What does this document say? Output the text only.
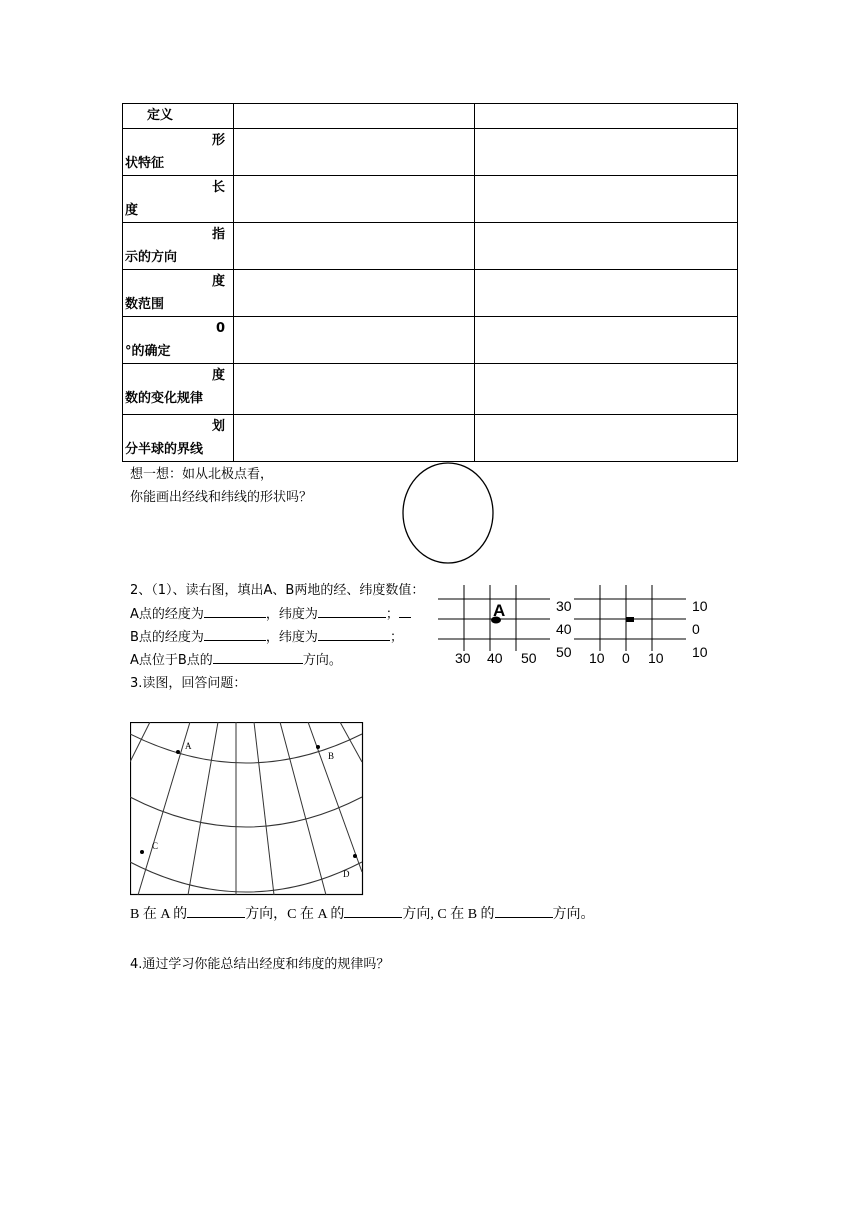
定义		

形
状特征		

长
度		

指
示的方向		

度
数范围		

0
°的确定		

度
数的变化规律		

划
分半球的界线		

想一想：如从北极点看，
你能画出经线和纬线的形状吗？
2、（1）、读右图，填出A、B两地的经、纬度数值：
A点的经度为	，纬度为	；
B点的经度为	，纬度为	；
A点位于B点的	方向。
A	30
40
50
30 40 50
10
0
10
10 0 10
3.读图，回答问题：
A
B
C
D
B 在 A 的	方向，C 在 A 的	方向, C 在 B 的	方向。
4.通过学习你能总结出经度和纬度的规律吗？
